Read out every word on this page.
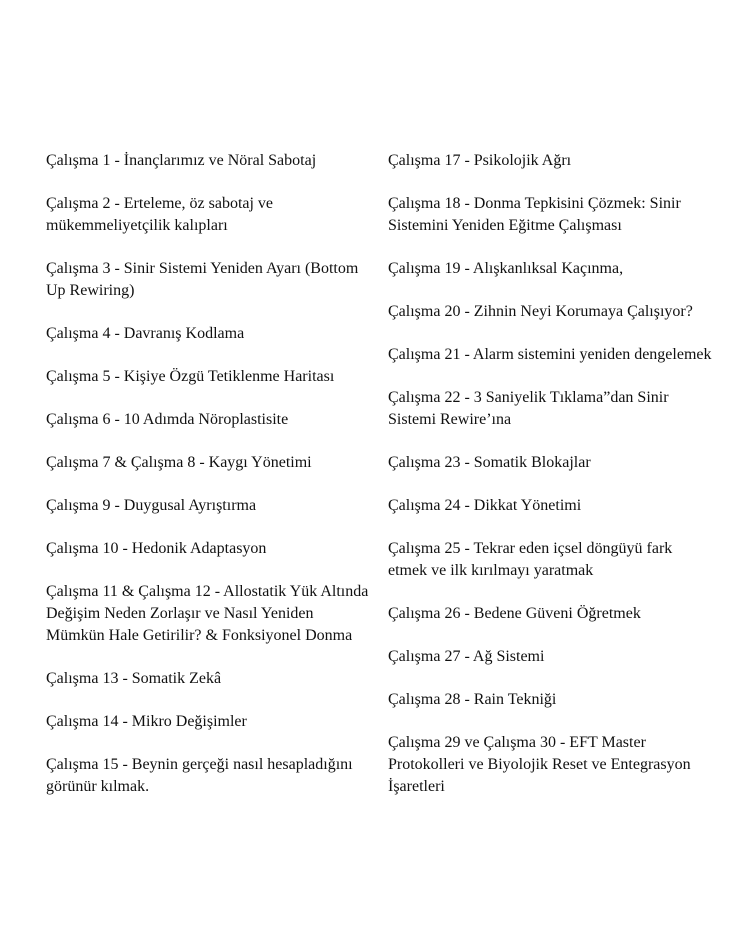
Çalışma 1 - İnançlarımız ve Nöral Sabotaj
Çalışma 2 - Erteleme, öz sabotaj ve
mükemmeliyetçilik kalıpları
Çalışma 3 - Sinir Sistemi Yeniden Ayarı (Bottom
Up Rewiring)
Çalışma 4 - Davranış Kodlama
Çalışma 5 - Kişiye Özgü Tetiklenme Haritası
Çalışma 6 - 10 Adımda Nöroplastisite
Çalışma 7 & Çalışma 8 - Kaygı Yönetimi
Çalışma 9 - Duygusal Ayrıştırma
Çalışma 10 - Hedonik Adaptasyon
Çalışma 11 & Çalışma 12 - Allostatik Yük Altında
Değişim Neden Zorlaşır ve Nasıl Yeniden
Mümkün Hale Getirilir? & Fonksiyonel Donma
Çalışma 13 - Somatik Zekâ
Çalışma 14 - Mikro Değişimler
Çalışma 15 - Beynin gerçeği nasıl hesapladığını
görünür kılmak.
Çalışma 17 - Psikolojik Ağrı
Çalışma 18 - Donma Tepkisini Çözmek: Sinir
Sistemini Yeniden Eğitme Çalışması
Çalışma 19 - Alışkanlıksal Kaçınma,
Çalışma 20 - Zihnin Neyi Korumaya Çalışıyor?
Çalışma 21 - Alarm sistemini yeniden dengelemek
Çalışma 22 - 3 Saniyelik Tıklama”dan Sinir
Sistemi Rewire’ına
Çalışma 23 - Somatik Blokajlar
Çalışma 24 - Dikkat Yönetimi
Çalışma 25 - Tekrar eden içsel döngüyü fark
etmek ve ilk kırılmayı yaratmak
Çalışma 26 - Bedene Güveni Öğretmek
Çalışma 27 - Ağ Sistemi
Çalışma 28 - Rain Tekniği
Çalışma 29 ve Çalışma 30 - EFT Master
Protokolleri ve Biyolojik Reset ve Entegrasyon
İşaretleri
